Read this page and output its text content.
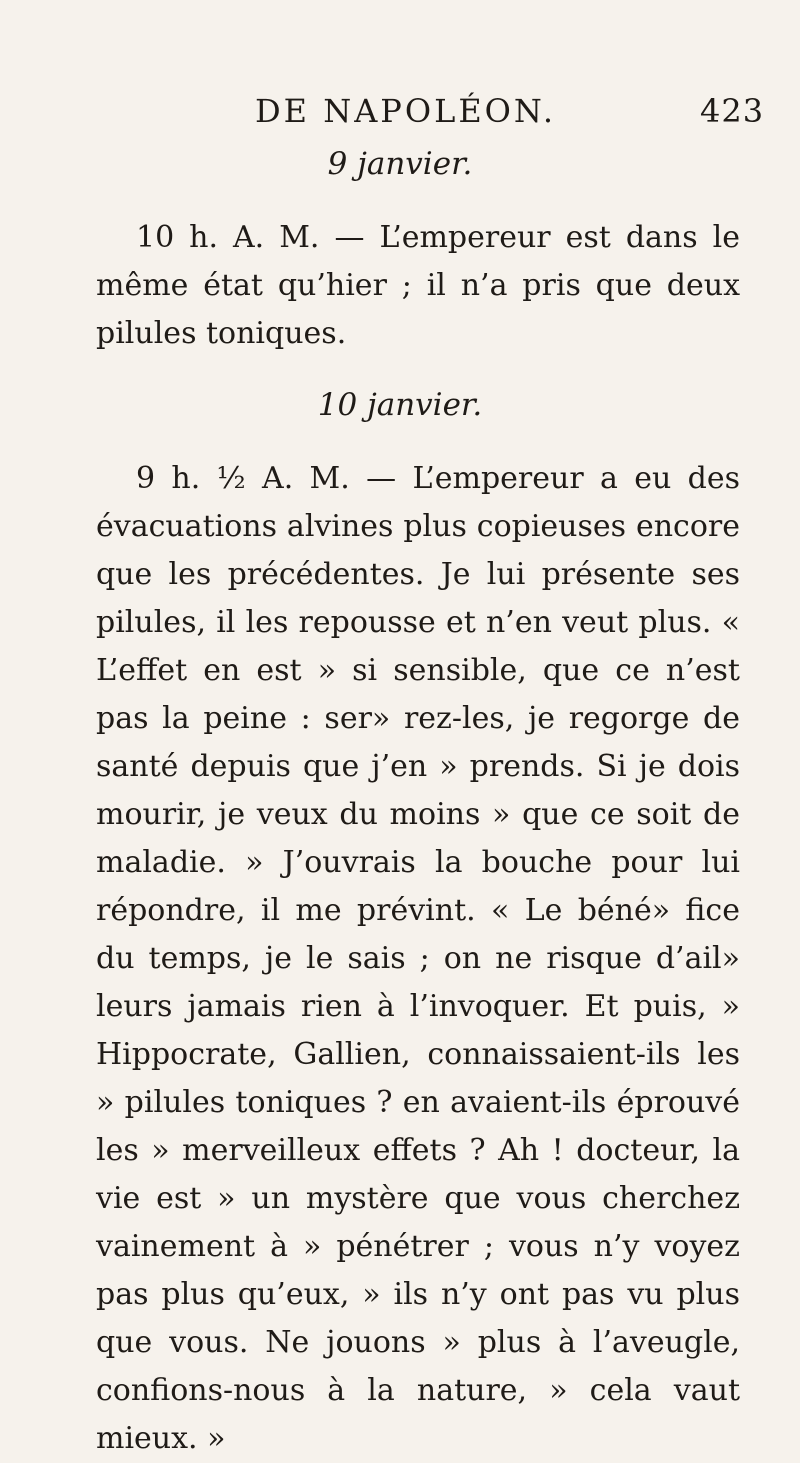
DE NAPOLÉON.	423
9 janvier.
10 h. A. M. — L’empereur est dans le même état qu’hier ; il n’a pris que deux pilules toniques.
10 janvier.
9 h. ½ A. M. — L’empereur a eu des évacuations alvines plus copieuses encore que les précédentes. Je lui présente ses pilules, il les repousse et n’en veut plus. « L’effet en est » si sensible, que ce n’est pas la peine : ser» rez-les, je regorge de santé depuis que j’en » prends. Si je dois mourir, je veux du moins » que ce soit de maladie. » J’ouvrais la bouche pour lui répondre, il me prévint. « Le béné» fice du temps, je le sais ; on ne risque d’ail» leurs jamais rien à l’invoquer. Et puis, » Hippocrate, Gallien, connaissaient-ils les » pilules toniques ? en avaient-ils éprouvé les » merveilleux effets ? Ah ! docteur, la vie est » un mystère que vous cherchez vainement à » pénétrer ; vous n’y voyez pas plus qu’eux, » ils n’y ont pas vu plus que vous. Ne jouons » plus à l’aveugle, confions-nous à la nature, » cela vaut mieux. »
